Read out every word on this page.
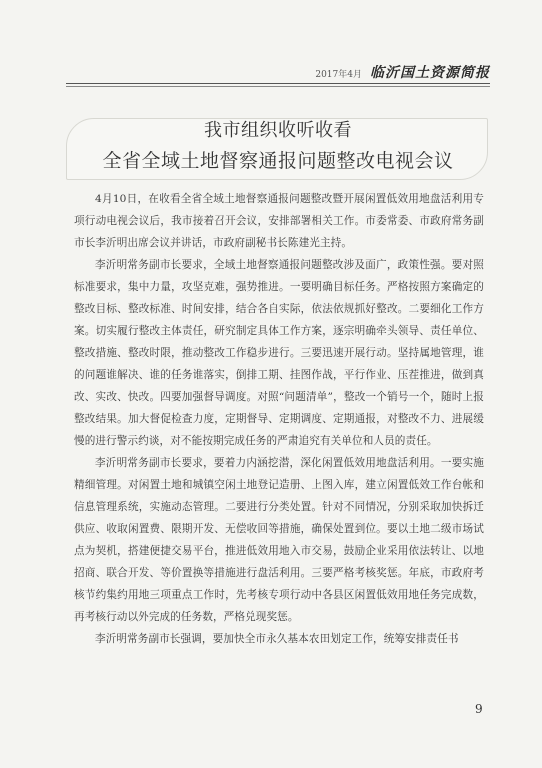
2017年4月 临沂国土资源简报
我市组织收听收看
全省全域土地督察通报问题整改电视会议

4月10日，在收看全省全域土地督察通报问题整改暨开展闲置低效用地盘活利用专项行动电视会议后，我市接着召开会议，安排部署相关工作。市委常委、市政府常务副市长李沂明出席会议并讲话，市政府副秘书长陈建光主持。

李沂明常务副市长要求，全域土地督察通报问题整改涉及面广，政策性强。要对照标准要求，集中力量，攻坚克难，强势推进。一要明确目标任务。严格按照方案确定的整改目标、整改标准、时间安排，结合各自实际，依法依规抓好整改。二要细化工作方案。切实履行整改主体责任，研究制定具体工作方案，逐宗明确牵头领导、责任单位、整改措施、整改时限，推动整改工作稳步进行。三要迅速开展行动。坚持属地管理，谁的问题谁解决、谁的任务谁落实，倒排工期、挂图作战，平行作业、压茬推进，做到真改、实改、快改。四要加强督导调度。对照“问题清单”，整改一个销号一个，随时上报整改结果。加大督促检查力度，定期督导、定期调度、定期通报，对整改不力、进展缓慢的进行警示约谈，对不能按期完成任务的严肃追究有关单位和人员的责任。

李沂明常务副市长要求，要着力内涵挖潜，深化闲置低效用地盘活利用。一要实施精细管理。对闲置土地和城镇空闲土地登记造册、上图入库，建立闲置低效工作台帐和信息管理系统，实施动态管理。二要进行分类处置。针对不同情况，分别采取加快拆迁供应、收取闲置费、限期开发、无偿收回等措施，确保处置到位。要以土地二级市场试点为契机，搭建便捷交易平台，推进低效用地入市交易，鼓励企业采用依法转让、以地招商、联合开发、等价置换等措施进行盘活利用。三要严格考核奖惩。年底，市政府考核节约集约用地三项重点工作时，先考核专项行动中各县区闲置低效用地任务完成数，再考核行动以外完成的任务数，严格兑现奖惩。

李沂明常务副市长强调，要加快全市永久基本农田划定工作，统筹安排责任书

9
